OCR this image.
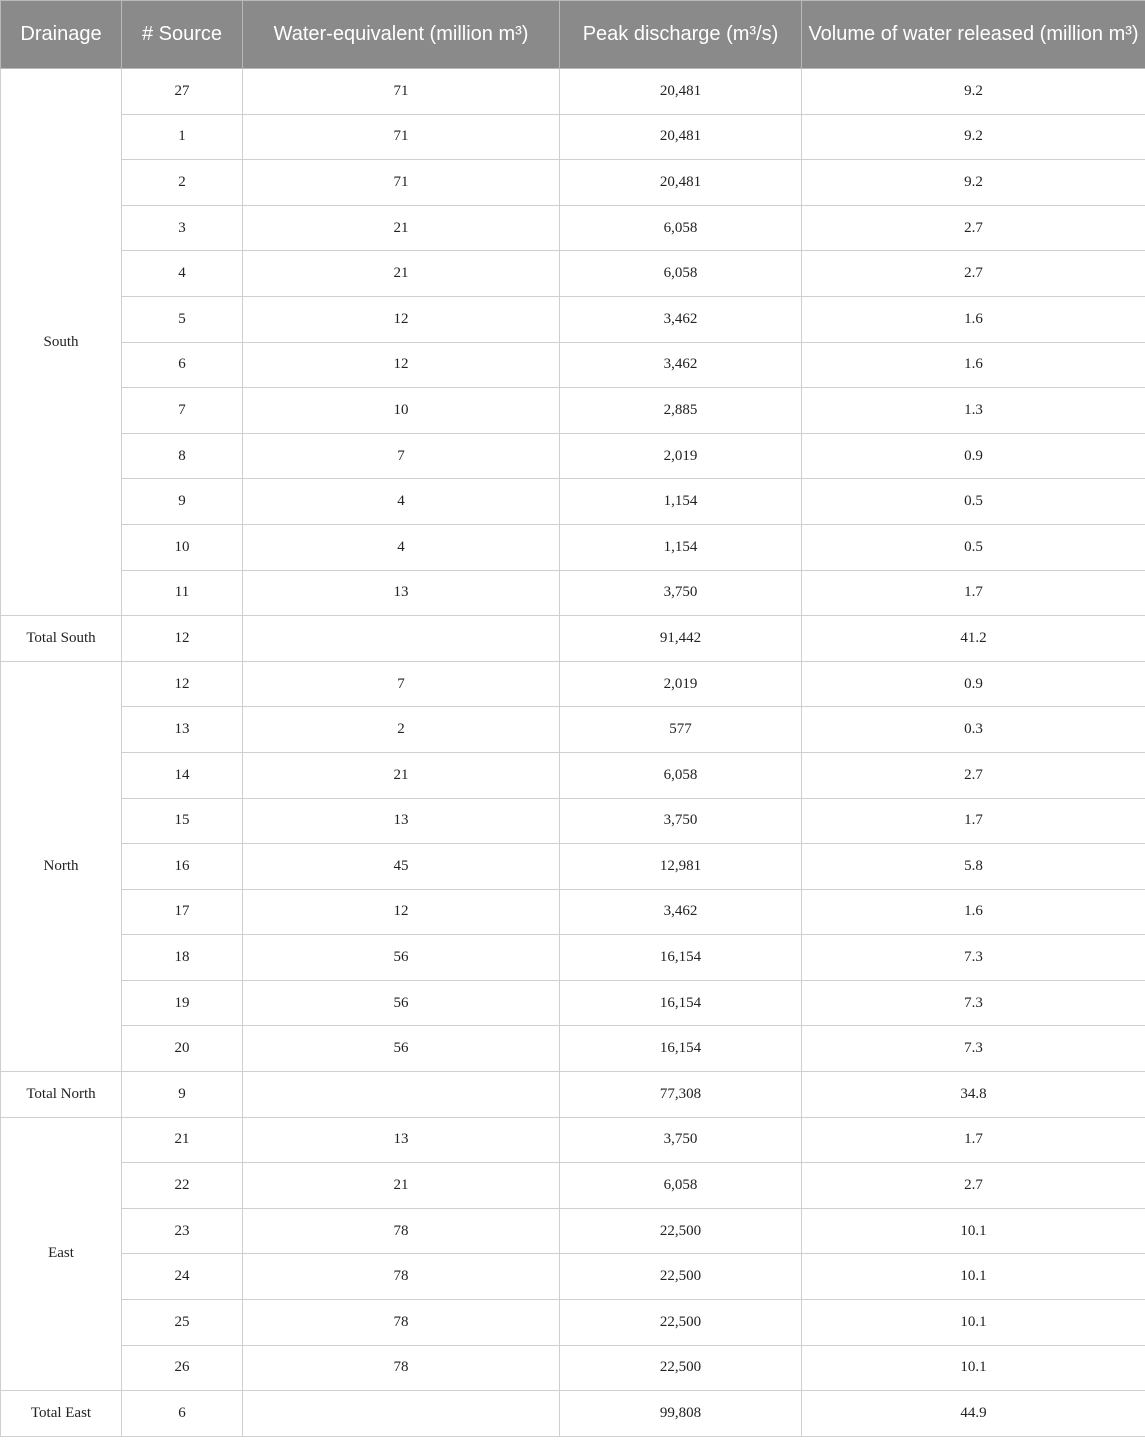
Drainage	# Source	Water-equivalent (million m³)	Peak discharge (m³/s)	Volume of water released (million m³)
South	27	71	20,481	9.2
	1	71	20,481	9.2
	2	71	20,481	9.2
	3	21	6,058	2.7
	4	21	6,058	2.7
	5	12	3,462	1.6
	6	12	3,462	1.6
	7	10	2,885	1.3
	8	7	2,019	0.9
	9	4	1,154	0.5
	10	4	1,154	0.5
	11	13	3,750	1.7
Total South	12		91,442	41.2
North	12	7	2,019	0.9
	13	2	577	0.3
	14	21	6,058	2.7
	15	13	3,750	1.7
	16	45	12,981	5.8
	17	12	3,462	1.6
	18	56	16,154	7.3
	19	56	16,154	7.3
	20	56	16,154	7.3
Total North	9		77,308	34.8
East	21	13	3,750	1.7
	22	21	6,058	2.7
	23	78	22,500	10.1
	24	78	22,500	10.1
	25	78	22,500	10.1
	26	78	22,500	10.1
Total East	6		99,808	44.9
